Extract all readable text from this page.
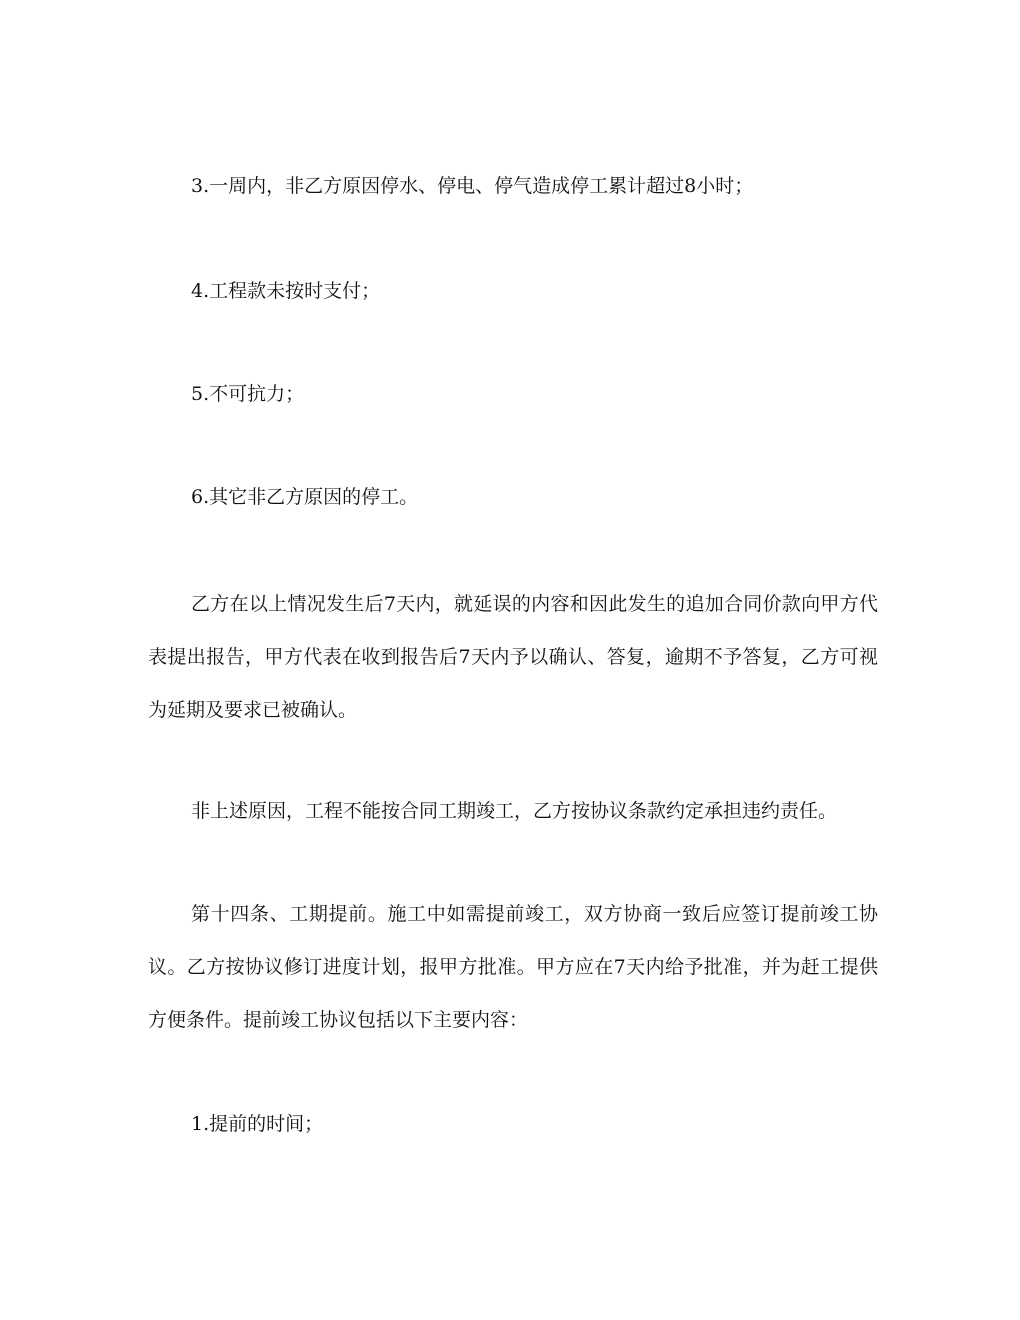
3.一周内，非乙方原因停水、停电、停气造成停工累计超过8小时；

4.工程款未按时支付；

5.不可抗力；

6.其它非乙方原因的停工。

乙方在以上情况发生后7天内，就延误的内容和因此发生的追加合同价款向甲方代表提出报告，甲方代表在收到报告后7天内予以确认、答复，逾期不予答复，乙方可视为延期及要求已被确认。

非上述原因，工程不能按合同工期竣工，乙方按协议条款约定承担违约责任。

第十四条、工期提前。施工中如需提前竣工，双方协商一致后应签订提前竣工协议。乙方按协议修订进度计划，报甲方批准。甲方应在7天内给予批准，并为赶工提供方便条件。提前竣工协议包括以下主要内容：

1.提前的时间；
